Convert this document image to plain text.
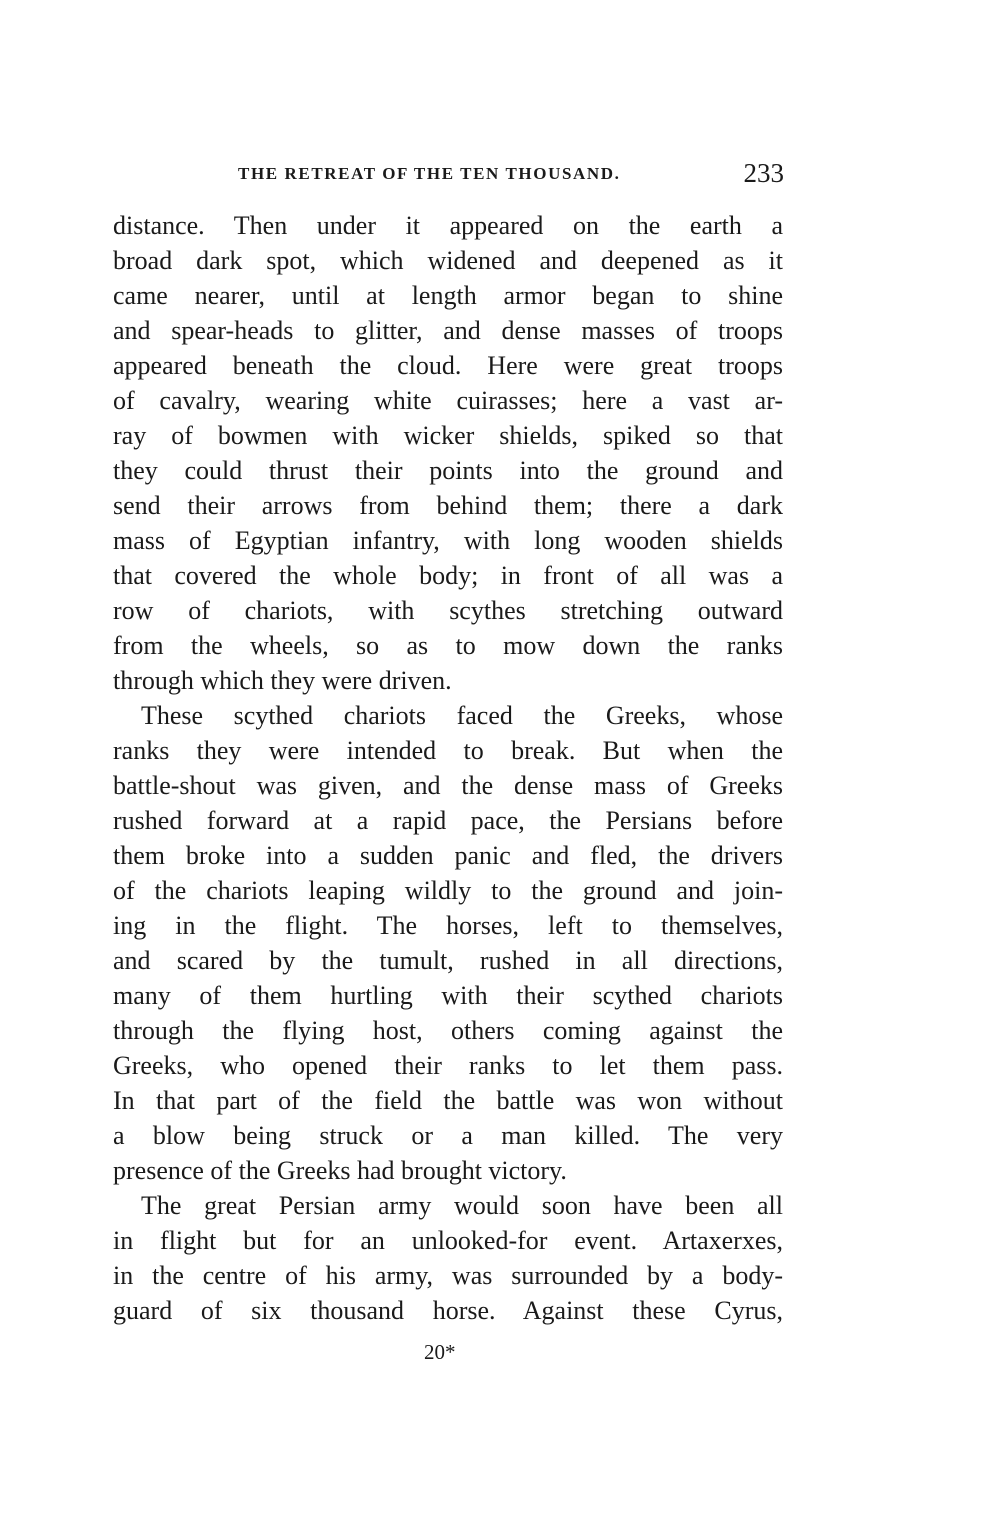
THE RETREAT OF THE TEN THOUSAND.	233
distance. Then under it appeared on the earth a
broad dark spot, which widened and deepened as it
came nearer, until at length armor began to shine
and spear-heads to glitter, and dense masses of troops
appeared beneath the cloud. Here were great troops
of cavalry, wearing white cuirasses; here a vast ar-
ray of bowmen with wicker shields, spiked so that
they could thrust their points into the ground and
send their arrows from behind them; there a dark
mass of Egyptian infantry, with long wooden shields
that covered the whole body; in front of all was a
row of chariots, with scythes stretching outward
from the wheels, so as to mow down the ranks
through which they were driven.
These scythed chariots faced the Greeks, whose
ranks they were intended to break. But when the
battle-shout was given, and the dense mass of Greeks
rushed forward at a rapid pace, the Persians before
them broke into a sudden panic and fled, the drivers
of the chariots leaping wildly to the ground and join-
ing in the flight. The horses, left to themselves,
and scared by the tumult, rushed in all directions,
many of them hurtling with their scythed chariots
through the flying host, others coming against the
Greeks, who opened their ranks to let them pass.
In that part of the field the battle was won without
a blow being struck or a man killed. The very
presence of the Greeks had brought victory.
The great Persian army would soon have been all
in flight but for an unlooked-for event. Artaxerxes,
in the centre of his army, was surrounded by a body-
guard of six thousand horse. Against these Cyrus,
20*
